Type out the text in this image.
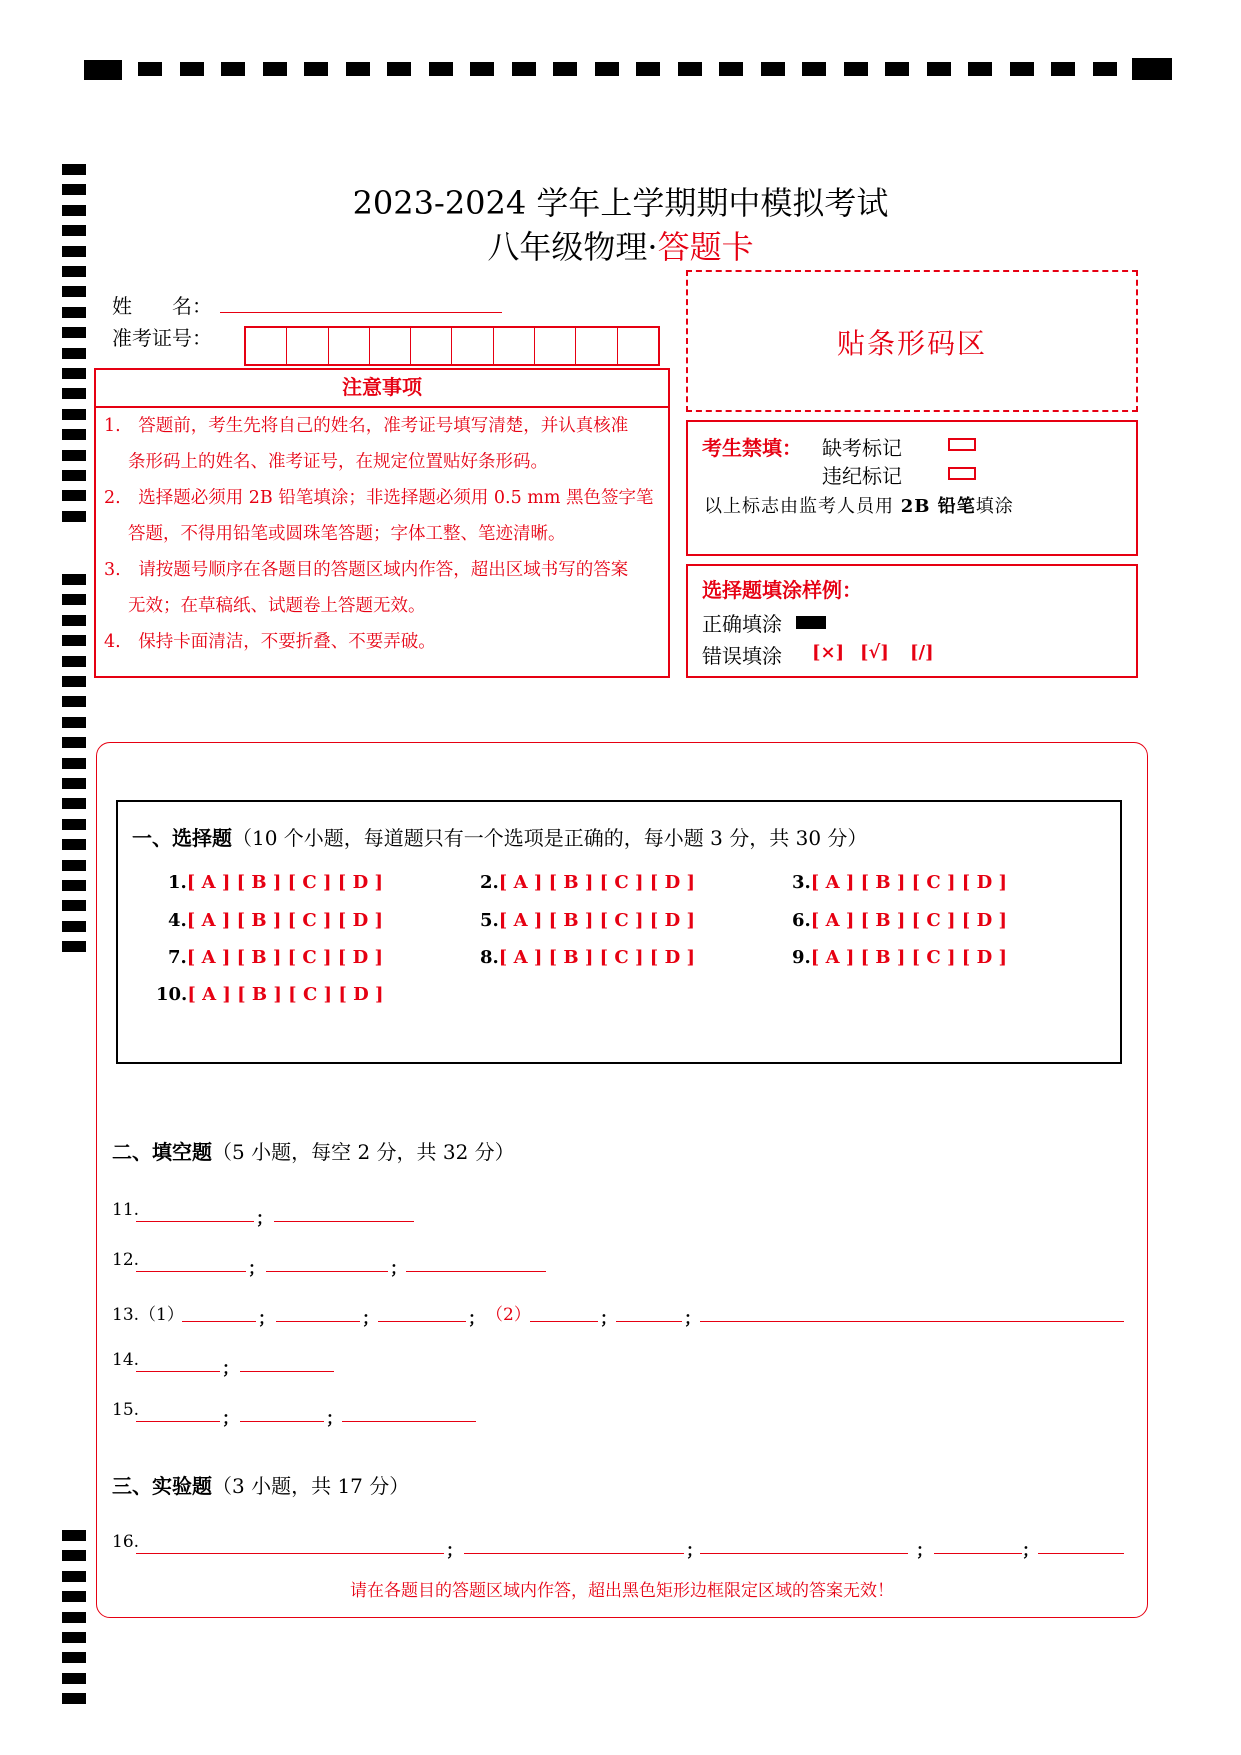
2023-2024 学年上学期期中模拟考试
八年级物理·答题卡
姓　　名：
准考证号：	贴条形码区
注意事项
1.　答题前，考生先将自己的姓名，准考证号填写清楚，并认真核准
条形码上的姓名、准考证号，在规定位置贴好条形码。
2.　选择题必须用 2B 铅笔填涂；非选择题必须用 0.5 mm 黑色签字笔
答题，不得用铅笔或圆珠笔答题；字体工整、笔迹清晰。
3.　请按题号顺序在各题目的答题区域内作答，超出区域书写的答案
无效；在草稿纸、试题卷上答题无效。
4.　保持卡面清洁，不要折叠、不要弄破。
考生禁填： 缺考标记
违纪标记
以上标志由监考人员用 2B 铅笔填涂
选择题填涂样例：
正确填涂
错误填涂 [×] [√] [/]
一、选择题（10 个小题，每道题只有一个选项是正确的，每小题 3 分，共 30 分）
1.[ A ] [ B ] [ C ] [ D ]	2.[ A ] [ B ] [ C ] [ D ]	3.[ A ] [ B ] [ C ] [ D ]
4.[ A ] [ B ] [ C ] [ D ]	5.[ A ] [ B ] [ C ] [ D ]	6.[ A ] [ B ] [ C ] [ D ]
7.[ A ] [ B ] [ C ] [ D ]	8.[ A ] [ B ] [ C ] [ D ]	9.[ A ] [ B ] [ C ] [ D ]
10.[ A ] [ B ] [ C ] [ D ]
二、填空题（5 小题，每空 2 分，共 32 分）
11.	；
12.	；	；
13.（1）	；	；	； （2）	；	；
14.	；
15.	；	；
三、实验题（3 小题，共 17 分）
16.	；	；	；	；
请在各题目的答题区域内作答，超出黑色矩形边框限定区域的答案无效！
